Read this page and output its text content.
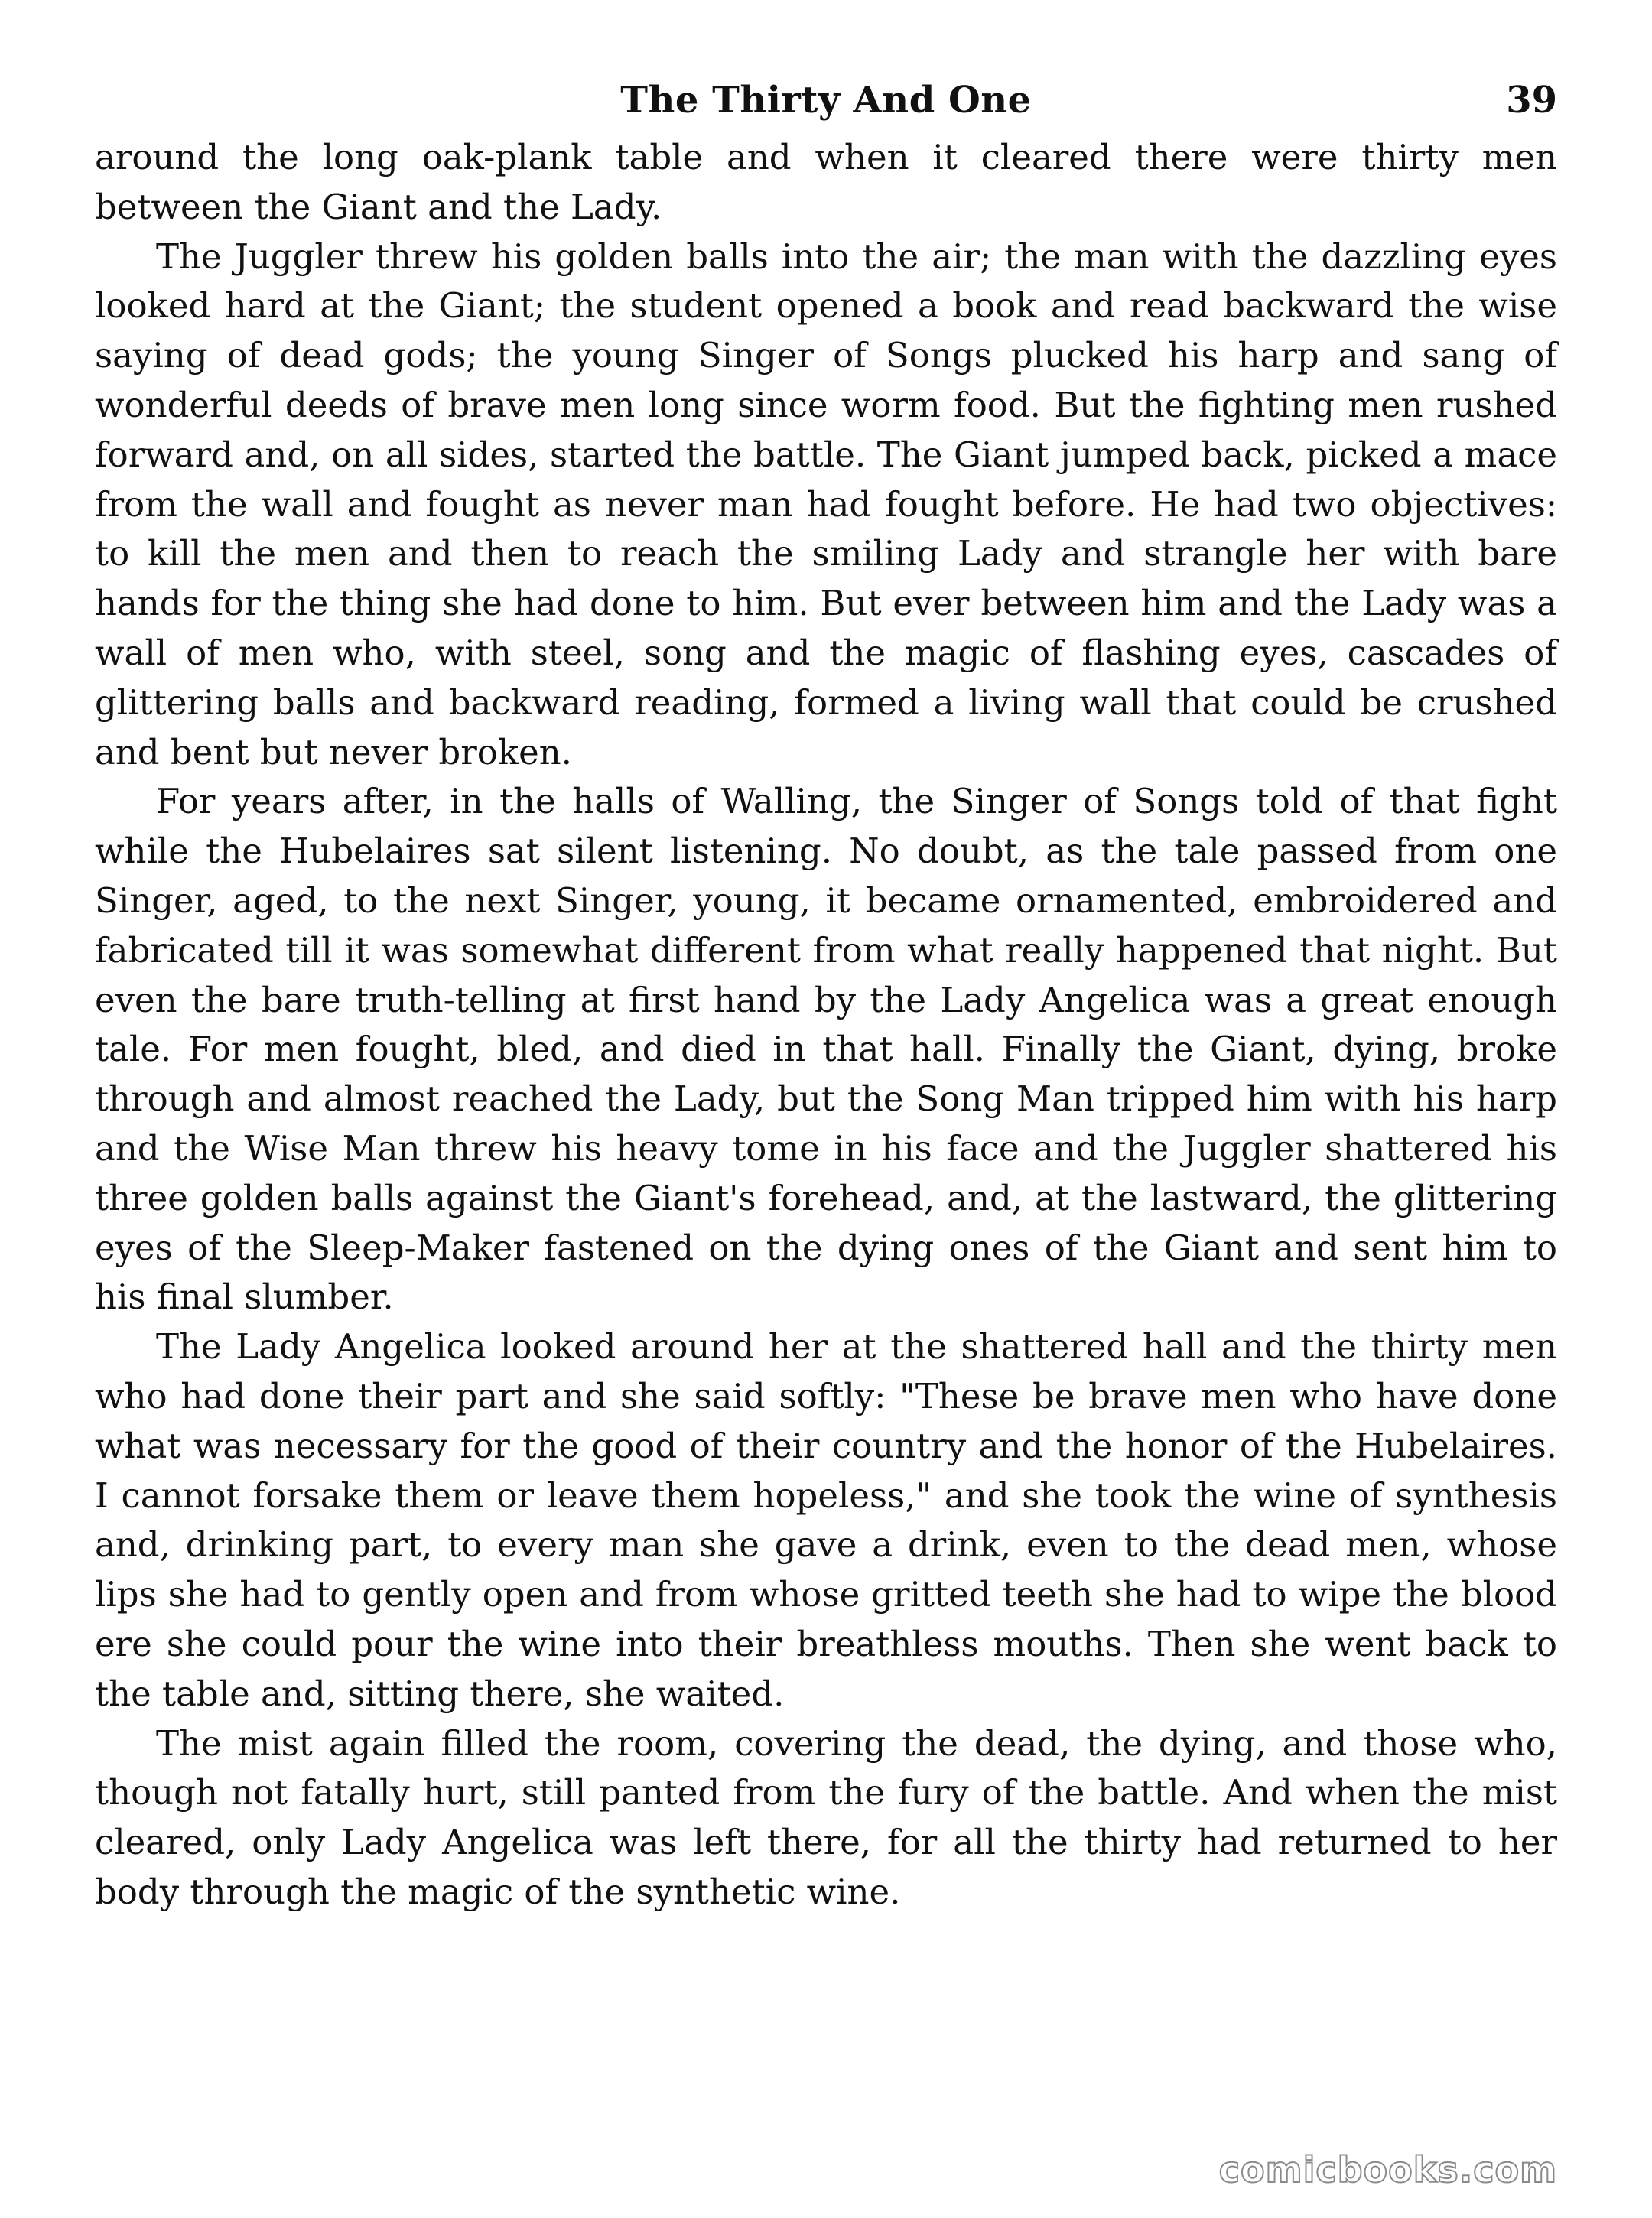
The Thirty And One	39

around the long oak-plank table and when it cleared there were thirty men between the Giant and the Lady.

The Juggler threw his golden balls into the air; the man with the dazzling eyes looked hard at the Giant; the student opened a book and read backward the wise saying of dead gods; the young Singer of Songs plucked his harp and sang of wonderful deeds of brave men long since worm food. But the fighting men rushed forward and, on all sides, started the battle. The Giant jumped back, picked a mace from the wall and fought as never man had fought before. He had two objectives: to kill the men and then to reach the smiling Lady and strangle her with bare hands for the thing she had done to him. But ever between him and the Lady was a wall of men who, with steel, song and the magic of flashing eyes, cascades of glittering balls and backward reading, formed a living wall that could be crushed and bent but never broken.

For years after, in the halls of Walling, the Singer of Songs told of that fight while the Hubelaires sat silent listening. No doubt, as the tale passed from one Singer, aged, to the next Singer, young, it became ornamented, embroidered and fabricated till it was somewhat different from what really happened that night. But even the bare truth-telling at first hand by the Lady Angelica was a great enough tale. For men fought, bled, and died in that hall. Finally the Giant, dying, broke through and almost reached the Lady, but the Song Man tripped him with his harp and the Wise Man threw his heavy tome in his face and the Juggler shattered his three golden balls against the Giant's forehead, and, at the lastward, the glittering eyes of the Sleep-Maker fastened on the dying ones of the Giant and sent him to his final slumber.

The Lady Angelica looked around her at the shattered hall and the thirty men who had done their part and she said softly: "These be brave men who have done what was necessary for the good of their country and the honor of the Hubelaires. I cannot forsake them or leave them hopeless," and she took the wine of synthesis and, drinking part, to every man she gave a drink, even to the dead men, whose lips she had to gently open and from whose gritted teeth she had to wipe the blood ere she could pour the wine into their breathless mouths. Then she went back to the table and, sitting there, she waited.

The mist again filled the room, covering the dead, the dying, and those who, though not fatally hurt, still panted from the fury of the battle. And when the mist cleared, only Lady Angelica was left there, for all the thirty had returned to her body through the magic of the synthetic wine.

comicbooks.com
